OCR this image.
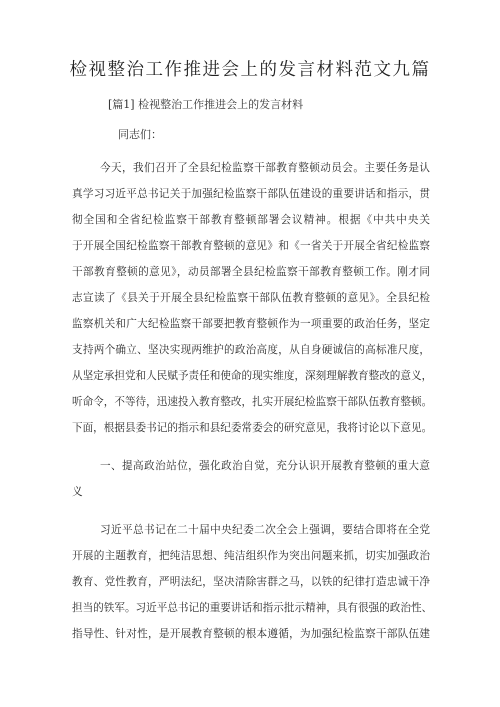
检视整治工作推进会上的发言材料范文九篇
[篇1] 检视整治工作推进会上的发言材料
同志们：
今天，我们召开了全县纪检监察干部教育整顿动员会。主要任务是认
真学习习近平总书记关于加强纪检监察干部队伍建设的重要讲话和指示，贯
彻全国和全省纪检监察干部教育整顿部署会议精神。根据《中共中央关
于开展全国纪检监察干部教育整顿的意见》和《一省关于开展全省纪检监察
干部教育整顿的意见》，动员部署全县纪检监察干部教育整顿工作。刚才同
志宣读了《县关于开展全县纪检监察干部队伍教育整顿的意见》。全县纪检
监察机关和广大纪检监察干部要把教育整顿作为一项重要的政治任务，坚定
支持两个确立、坚决实现两维护的政治高度，从自身硬诚信的高标准尺度，
从坚定承担党和人民赋予责任和使命的现实维度，深刻理解教育整改的意义，
听命令，不等待，迅速投入教育整改，扎实开展纪检监察干部队伍教育整顿。
下面，根据县委书记的指示和县纪委常委会的研究意见，我将讨论以下意见。
一、提高政治站位，强化政治自觉，充分认识开展教育整顿的重大意
义
习近平总书记在二十届中央纪委二次全会上强调，要结合即将在全党
开展的主题教育，把纯洁思想、纯洁组织作为突出问题来抓，切实加强政治
教育、党性教育，严明法纪，坚决清除害群之马，以铁的纪律打造忠诚干净
担当的铁军。习近平总书记的重要讲话和指示批示精神，具有很强的政治性、
指导性、针对性，是开展教育整顿的根本遵循，为加强纪检监察干部队伍建
